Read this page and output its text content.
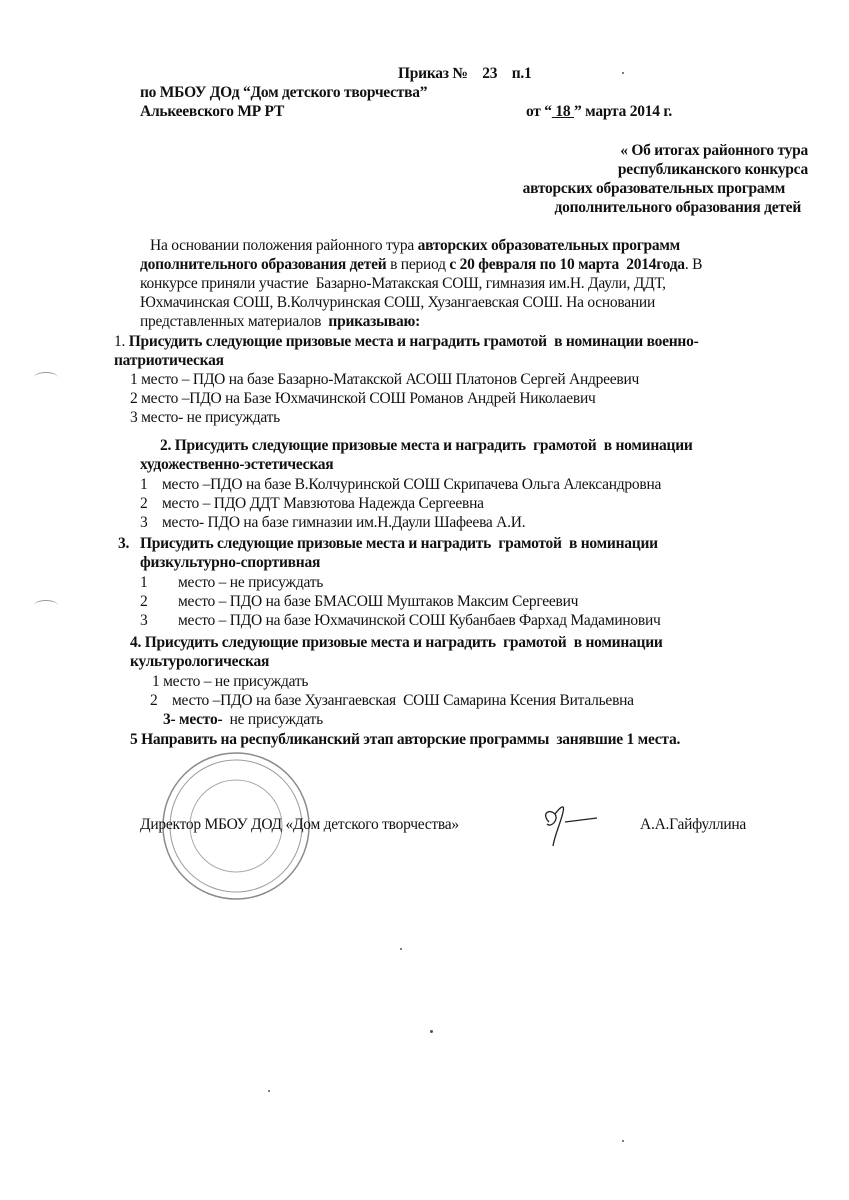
Приказ № 23 п.1
по МБОУ ДОд “Дом детского творчества”
Алькеевского МР РТ	от “ 18 ” марта 2014 г.
« Об итогах районного тура
республиканского конкурса
авторских образовательных программ
дополнительного образования детей
На основании положения районного тура авторских образовательных программ
дополнительного образования детей в период с 20 февраля по 10 марта  2014года. В
конкурсе приняли участие  Базарно-Матакская СОШ, гимназия им.Н. Даули, ДДТ,
Юхмачинская СОШ, В.Колчуринская СОШ, Хузангаевская СОШ. На основании
представленных материалов  приказываю:
1. Присудить следующие призовые места и наградить грамотой  в номинации военно-
патриотическая
1 место – ПДО на базе Базарно-Матакской АСОШ Платонов Сергей Андреевич
2 место –ПДО на Базе Юхмачинской СОШ Романов Андрей Николаевич
3 место- не присуждать
2. Присудить следующие призовые места и наградить  грамотой  в номинации
художественно-эстетическая
1 место –ПДО на базе В.Колчуринской СОШ Скрипачева Ольга Александровна
2 место – ПДО ДДТ Мавзютова Надежда Сергеевна
3 место- ПДО на базе гимназии им.Н.Даули Шафеева А.И.
3. Присудить следующие призовые места и наградить  грамотой  в номинации
физкультурно-спортивная
1 место – не присуждать
2 место – ПДО на базе БМАСОШ Муштаков Максим Сергеевич
3 место – ПДО на базе Юхмачинской СОШ Кубанбаев Фархад Мадаминович
4. Присудить следующие призовые места и наградить  грамотой  в номинации
культурологическая
1 место – не присуждать
2 место –ПДО на базе Хузангаевская  СОШ Самарина Ксения Витальевна
3- место-  не присуждать
5 Направить на республиканский этап авторские программы  занявшие 1 места.
Директор МБОУ ДОД «Дом детского творчества»	А.А.Гайфуллина
